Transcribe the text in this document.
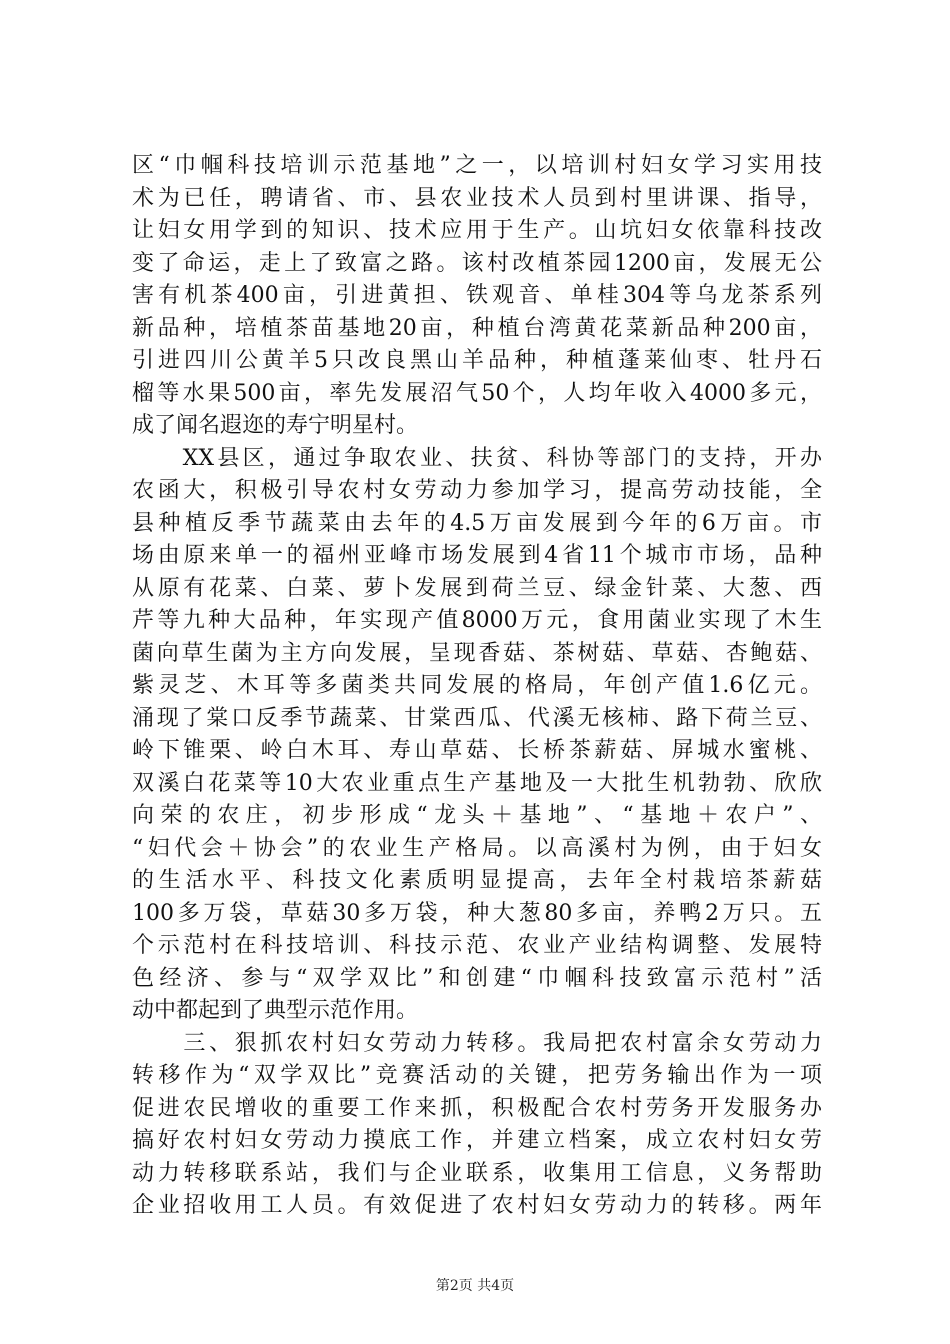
区“巾帼科技培训示范基地”之一，以培训村妇女学习实用技
术为已任，聘请省、市、县农业技术人员到村里讲课、指导，
让妇女用学到的知识、技术应用于生产。山坑妇女依靠科技改
变了命运，走上了致富之路。该村改植茶园1200亩，发展无公
害有机茶400亩，引进黄担、铁观音、单桂304等乌龙茶系列
新品种，培植茶苗基地20亩，种植台湾黄花菜新品种200亩，
引进四川公黄羊5只改良黑山羊品种，种植蓬莱仙枣、牡丹石
榴等水果500亩，率先发展沼气50个，人均年收入4000多元，
成了闻名遐迩的寿宁明星村。
　　XX县区，通过争取农业、扶贫、科协等部门的支持，开办
农函大，积极引导农村女劳动力参加学习，提高劳动技能，全
县种植反季节蔬菜由去年的4.5万亩发展到今年的6万亩。市
场由原来单一的福州亚峰市场发展到4省11个城市市场，品种
从原有花菜、白菜、萝卜发展到荷兰豆、绿金针菜、大葱、西
芹等九种大品种，年实现产值8000万元，食用菌业实现了木生
菌向草生菌为主方向发展，呈现香菇、茶树菇、草菇、杏鲍菇、
紫灵芝、木耳等多菌类共同发展的格局，年创产值1.6亿元。
涌现了棠口反季节蔬菜、甘棠西瓜、代溪无核柿、路下荷兰豆、
岭下锥栗、岭白木耳、寿山草菇、长桥茶薪菇、屏城水蜜桃、
双溪白花菜等10大农业重点生产基地及一大批生机勃勃、欣欣
向荣的农庄，初步形成“龙头＋基地”、“基地＋农户”、
“妇代会＋协会”的农业生产格局。以高溪村为例，由于妇女
的生活水平、科技文化素质明显提高，去年全村栽培茶薪菇
100多万袋，草菇30多万袋，种大葱80多亩，养鸭2万只。五
个示范村在科技培训、科技示范、农业产业结构调整、发展特
色经济、参与“双学双比”和创建“巾帼科技致富示范村”活
动中都起到了典型示范作用。
　　三、狠抓农村妇女劳动力转移。我局把农村富余女劳动力
转移作为“双学双比”竞赛活动的关键，把劳务输出作为一项
促进农民增收的重要工作来抓，积极配合农村劳务开发服务办
搞好农村妇女劳动力摸底工作，并建立档案，成立农村妇女劳
动力转移联系站，我们与企业联系，收集用工信息，义务帮助
企业招收用工人员。有效促进了农村妇女劳动力的转移。两年
第2页 共4页
